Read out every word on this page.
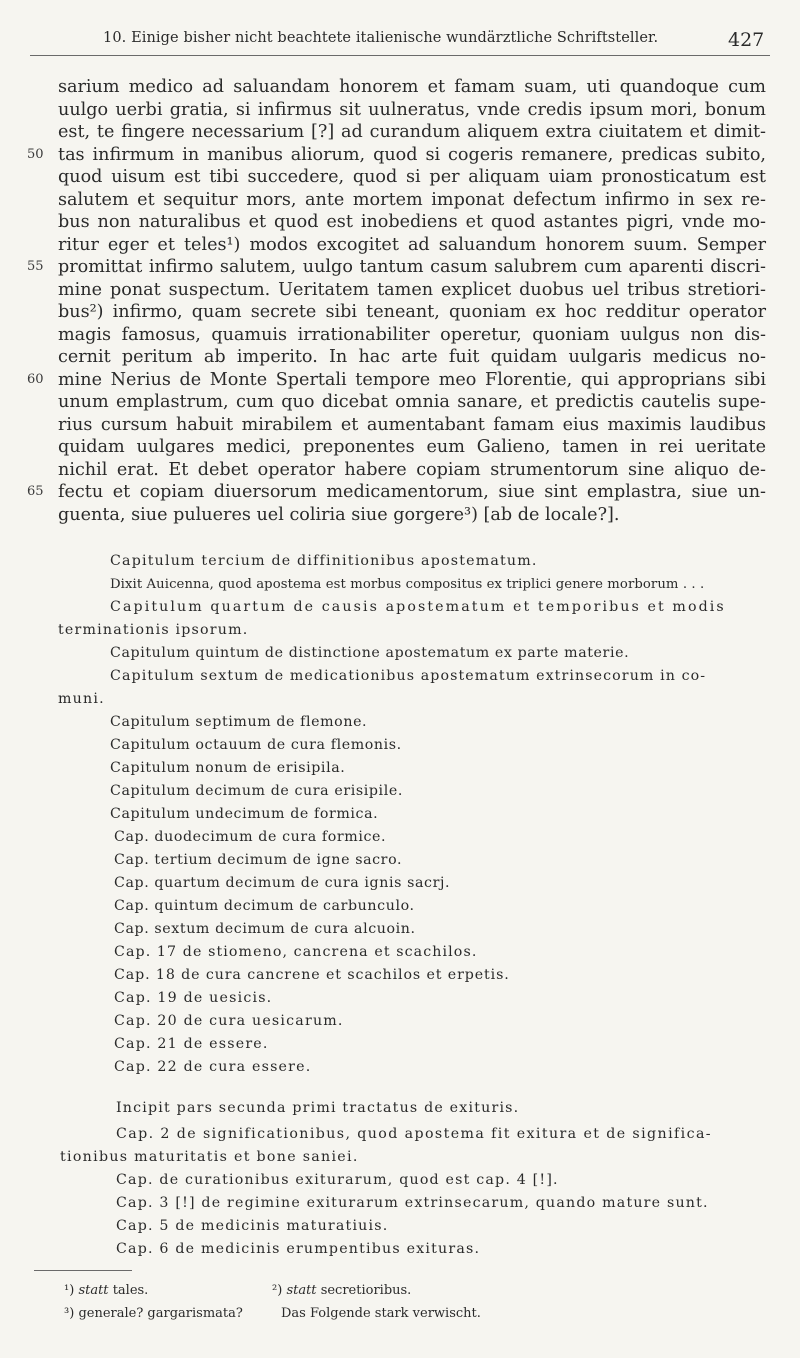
10. Einige bisher nicht beachtete italienische wundärztliche Schriftsteller.	427
sarium medico ad saluandam honorem et famam suam, uti quandoque cum
uulgo uerbi gratia, si infirmus sit uulneratus, vnde credis ipsum mori, bonum
est, te fingere necessarium [?] ad curandum aliquem extra ciuitatem et dimit-
tas infirmum in manibus aliorum, quod si cogeris remanere, predicas subito,
quod uisum est tibi succedere, quod si per aliquam uiam pronosticatum est
salutem et sequitur mors, ante mortem imponat defectum infirmo in sex re-
bus non naturalibus et quod est inobediens et quod astantes pigri, vnde mo-
ritur eger et teles¹) modos excogitet ad saluandum honorem suum. Semper
promittat infirmo salutem, uulgo tantum casum salubrem cum aparenti discri-
mine ponat suspectum. Ueritatem tamen explicet duobus uel tribus stretiori-
bus²) infirmo, quam secrete sibi teneant, quoniam ex hoc redditur operator
magis famosus, quamuis irrationabiliter operetur, quoniam uulgus non dis-
cernit peritum ab imperito. In hac arte fuit quidam uulgaris medicus no-
mine Nerius de Monte Spertali tempore meo Florentie, qui approprians sibi
unum emplastrum, cum quo dicebat omnia sanare, et predictis cautelis supe-
rius cursum habuit mirabilem et aumentabant famam eius maximis laudibus
quidam uulgares medici, preponentes eum Galieno, tamen in rei ueritate
nichil erat. Et debet operator habere copiam strumentorum sine aliquo de-
fectu et copiam diuersorum medicamentorum, siue sint emplastra, siue un-
guenta, siue pulueres uel coliria siue gorgere³) [ab de locale?].
50
55
60
65
Capitulum tercium de diffinitionibus apostematum.
Dixit Auicenna, quod apostema est morbus compositus ex triplici genere morborum . . .
Capitulum quartum de causis apostematum et temporibus et modis
terminationis ipsorum.
Capitulum quintum de distinctione apostematum ex parte materie.
Capitulum sextum de medicationibus apostematum extrinsecorum in co-
muni.
Capitulum septimum de flemone.
Capitulum octauum de cura flemonis.
Capitulum nonum de erisipila.
Capitulum decimum de cura erisipile.
Capitulum undecimum de formica.
Cap. duodecimum de cura formice.
Cap. tertium decimum de igne sacro.
Cap. quartum decimum de cura ignis sacrj.
Cap. quintum decimum de carbunculo.
Cap. sextum decimum de cura alcuoin.
Cap. 17 de stiomeno, cancrena et scachilos.
Cap. 18 de cura cancrene et scachilos et erpetis.
Cap. 19 de uesicis.
Cap. 20 de cura uesicarum.
Cap. 21 de essere.
Cap. 22 de cura essere.
Incipit pars secunda primi tractatus de exituris.
Cap. 2 de significationibus, quod apostema fit exitura et de significa-
tionibus maturitatis et bone saniei.
Cap. de curationibus exiturarum, quod est cap. 4 [!].
Cap. 3 [!] de regimine exiturarum extrinsecarum, quando mature sunt.
Cap. 5 de medicinis maturatiuis.
Cap. 6 de medicinis erumpentibus exituras.
¹) statt tales.	²) statt secretioribus.
³) generale? gargarismata?	Das Folgende stark verwischt.
